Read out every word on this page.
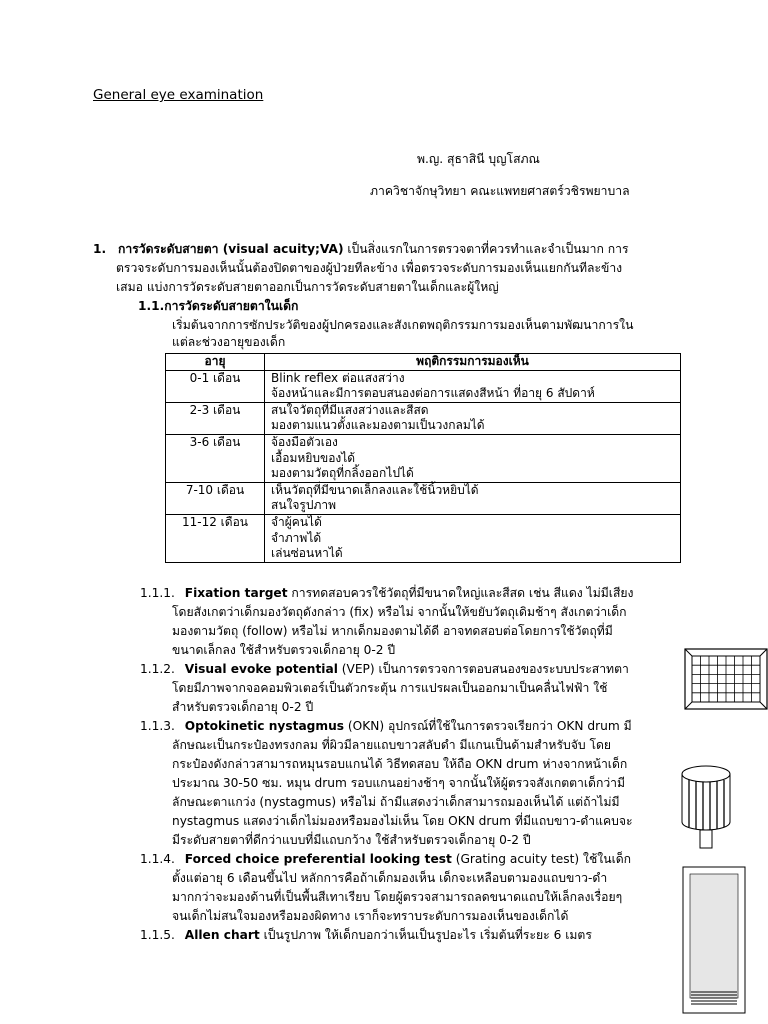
General eye examination
พ.ญ. สุธาสินี บุญโสภณ
ภาควิชาจักษุวิทยา คณะแพทยศาสตร์วชิรพยาบาล
1. การวัดระดับสายตา (visual acuity;VA) เป็นสิ่งแรกในการตรวจตาที่ควรทำและจำเป็นมาก การ
ตรวจระดับการมองเห็นนั้นต้องปิดตาของผู้ป่วยทีละข้าง เพื่อตรวจระดับการมองเห็นแยกกันทีละข้าง
เสมอ แบ่งการวัดระดับสายตาออกเป็นการวัดระดับสายตาในเด็กและผู้ใหญ่
1.1.การวัดระดับสายตาในเด็ก
เริ่มต้นจากการซักประวัติของผู้ปกครองและสังเกตพฤติกรรมการมองเห็นตามพัฒนาการใน
แต่ละช่วงอายุของเด็ก
อายุ	พฤติกรรมการมองเห็น
0-1 เดือน	Blink reflex ต่อแสงสว่าง
จ้องหน้าและมีการตอบสนองต่อการแสดงสีหน้า ที่อายุ 6 สัปดาห์

2-3 เดือน	สนใจวัตถุที่มีแสงสว่างและสีสด
มองตามแนวตั้งและมองตามเป็นวงกลมได้

3-6 เดือน	จ้องมือตัวเอง
เอื้อมหยิบของได้
มองตามวัตถุที่กลิ้งออกไปได้

7-10 เดือน	เห็นวัตถุที่มีขนาดเล็กลงและใช้นิ้วหยิบได้
สนใจรูปภาพ

11-12 เดือน	จำผู้คนได้
จำภาพได้
เล่นซ่อนหาได้
1.1.1. Fixation target การทดสอบควรใช้วัตถุที่มีขนาดใหญ่และสีสด เช่น สีแดง ไม่มีเสียง
โดยสังเกตว่าเด็กมองวัตถุดังกล่าว (fix) หรือไม่ จากนั้นให้ขยับวัตถุเดิมช้าๆ สังเกตว่าเด็ก
มองตามวัตถุ (follow) หรือไม่ หากเด็กมองตามได้ดี อาจทดสอบต่อโดยการใช้วัตถุที่มี
ขนาดเล็กลง ใช้สำหรับตรวจเด็กอายุ 0-2 ปี
1.1.2. Visual evoke potential (VEP) เป็นการตรวจการตอบสนองของระบบประสาทตา
โดยมีภาพจากจอคอมพิวเตอร์เป็นตัวกระตุ้น การแปรผลเป็นออกมาเป็นคลื่นไฟฟ้า ใช้
สำหรับตรวจเด็กอายุ 0-2 ปี
1.1.3. Optokinetic nystagmus (OKN) อุปกรณ์ที่ใช้ในการตรวจเรียกว่า OKN drum มี
ลักษณะเป็นกระป๋องทรงกลม ที่ผิวมีลายแถบขาวสลับดำ มีแกนเป็นด้ามสำหรับจับ โดย
กระป๋องดังกล่าวสามารถหมุนรอบแกนได้ วิธีทดสอบ ให้ถือ OKN drum ห่างจากหน้าเด็ก
ประมาณ 30-50 ซม. หมุน drum รอบแกนอย่างช้าๆ จากนั้นให้ผู้ตรวจสังเกตตาเด็กว่ามี
ลักษณะตาแกว่ง (nystagmus) หรือไม่ ถ้ามีแสดงว่าเด็กสามารถมองเห็นได้ แต่ถ้าไม่มี
nystagmus แสดงว่าเด็กไม่มองหรือมองไม่เห็น โดย OKN drum ที่มีแถบขาว-ดำแคบจะ
มีระดับสายตาที่ดีกว่าแบบที่มีแถบกว้าง ใช้สำหรับตรวจเด็กอายุ 0-2 ปี
1.1.4. Forced choice preferential looking test (Grating acuity test) ใช้ในเด็ก
ตั้งแต่อายุ 6 เดือนขึ้นไป หลักการคือถ้าเด็กมองเห็น เด็กจะเหลือบตามองแถบขาว-ดำ
มากกว่าจะมองด้านที่เป็นพื้นสีเทาเรียบ โดยผู้ตรวจสามารถลดขนาดแถบให้เล็กลงเรื่อยๆ
จนเด็กไม่สนใจมองหรือมองผิดทาง เราก็จะทราบระดับการมองเห็นของเด็กได้
1.1.5. Allen chart เป็นรูปภาพ ให้เด็กบอกว่าเห็นเป็นรูปอะไร เริ่มต้นที่ระยะ 6 เมตร
